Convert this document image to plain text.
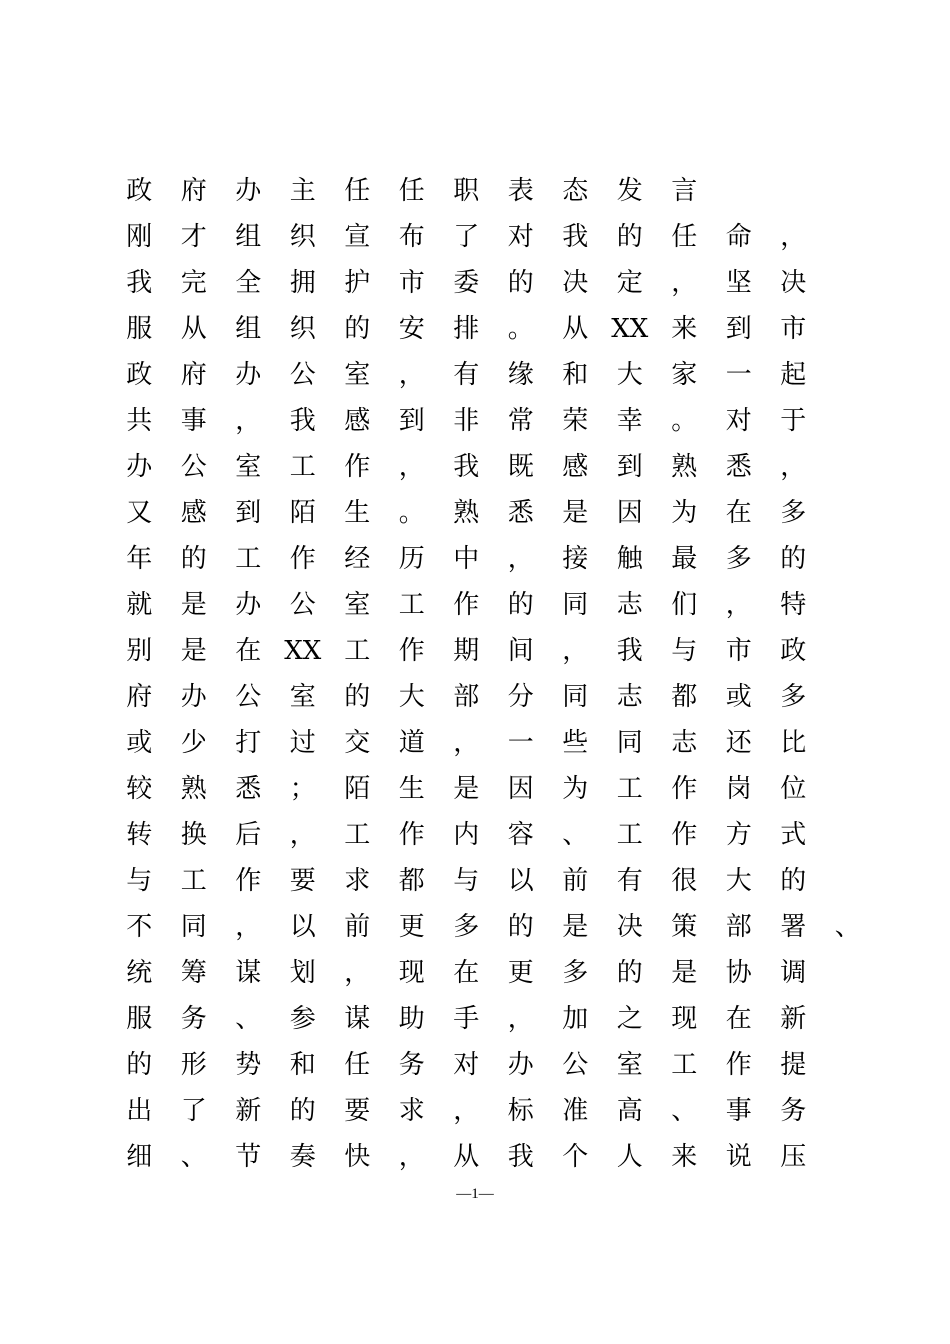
政	府	办	主	任	任	职	表	态	发	言
刚	才	组	织	宣	布	了	对	我	的	任	命	，
我	完	全	拥	护	市	委	的	决	定	，	坚	决
服	从	组	织	的	安	排	。	从 XX 来	到	市
政	府	办	公	室	，	有	缘	和	大	家	一	起
共	事	，	我	感	到	非	常	荣	幸	。	对	于
办	公	室	工	作	，	我	既	感	到	熟	悉	，
又	感	到	陌	生	。	熟	悉	是	因	为	在	多
年	的	工	作	经	历	中	，	接	触	最	多	的
就	是	办	公	室	工	作	的	同	志	们	，	特
别	是	在 XX 工	作	期	间	，	我	与	市	政
府	办	公	室	的	大	部	分	同	志	都	或	多
或	少	打	过	交	道	，	一	些	同	志	还	比
较	熟	悉	；	陌	生	是	因	为	工	作	岗	位
转	换	后	，	工	作	内	容	、	工	作	方	式
与	工	作	要	求	都	与	以	前	有	很	大	的
不	同	，	以	前	更	多	的	是	决	策	部	署	、
统	筹	谋	划	，	现	在	更	多	的	是	协	调
服	务	、	参	谋	助	手	，	加	之	现	在	新
的	形	势	和	任	务	对	办	公	室	工	作	提
出	了	新	的	要	求	，	标	准	高	、	事	务
细	、	节	奏	快	，	从	我	个	人	来	说	压
—1—
